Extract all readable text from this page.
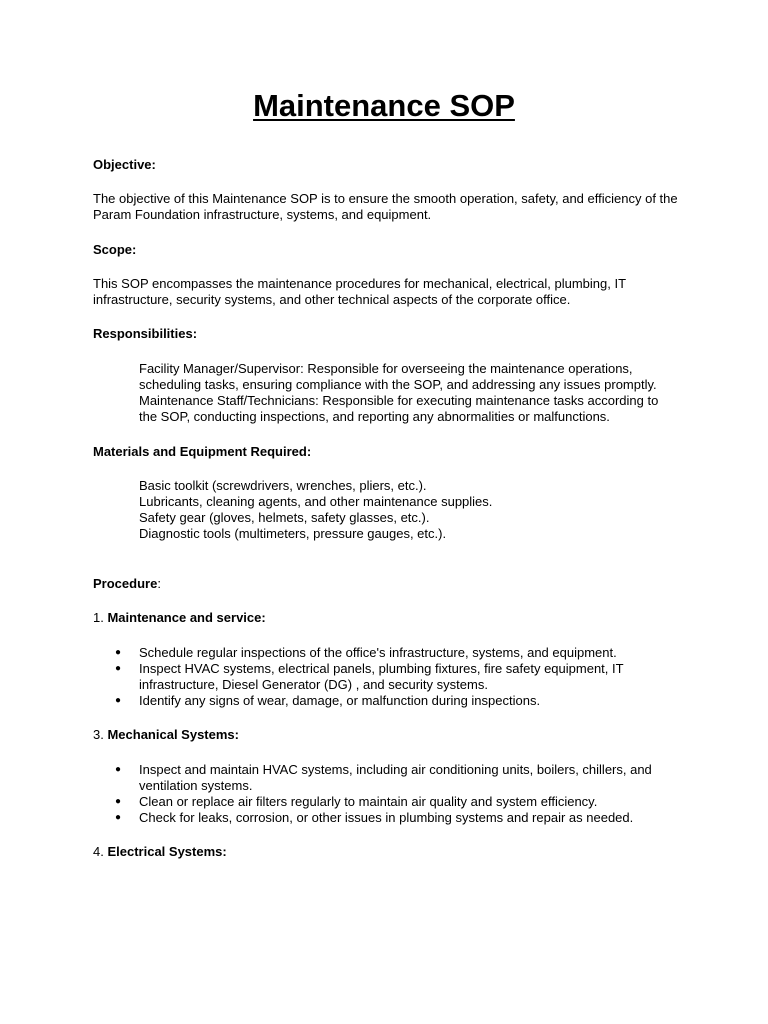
Maintenance SOP

Objective:

The objective of this Maintenance SOP is to ensure the smooth operation, safety, and efficiency of the Param Foundation infrastructure, systems, and equipment.

Scope:

This SOP encompasses the maintenance procedures for mechanical, electrical, plumbing, IT infrastructure, security systems, and other technical aspects of the corporate office.

Responsibilities:

Facility Manager/Supervisor: Responsible for overseeing the maintenance operations, scheduling tasks, ensuring compliance with the SOP, and addressing any issues promptly.

Maintenance Staff/Technicians: Responsible for executing maintenance tasks according to the SOP, conducting inspections, and reporting any abnormalities or malfunctions.

Materials and Equipment Required:

Basic toolkit (screwdrivers, wrenches, pliers, etc.).

Lubricants, cleaning agents, and other maintenance supplies.

Safety gear (gloves, helmets, safety glasses, etc.).

Diagnostic tools (multimeters, pressure gauges, etc.).

Procedure:

1. Maintenance and service:

● Schedule regular inspections of the office's infrastructure, systems, and equipment.
● Inspect HVAC systems, electrical panels, plumbing fixtures, fire safety equipment, IT infrastructure, Diesel Generator (DG) , and security systems.
● Identify any signs of wear, damage, or malfunction during inspections.

3. Mechanical Systems:

● Inspect and maintain HVAC systems, including air conditioning units, boilers, chillers, and ventilation systems.
● Clean or replace air filters regularly to maintain air quality and system efficiency.
● Check for leaks, corrosion, or other issues in plumbing systems and repair as needed.

4. Electrical Systems:
